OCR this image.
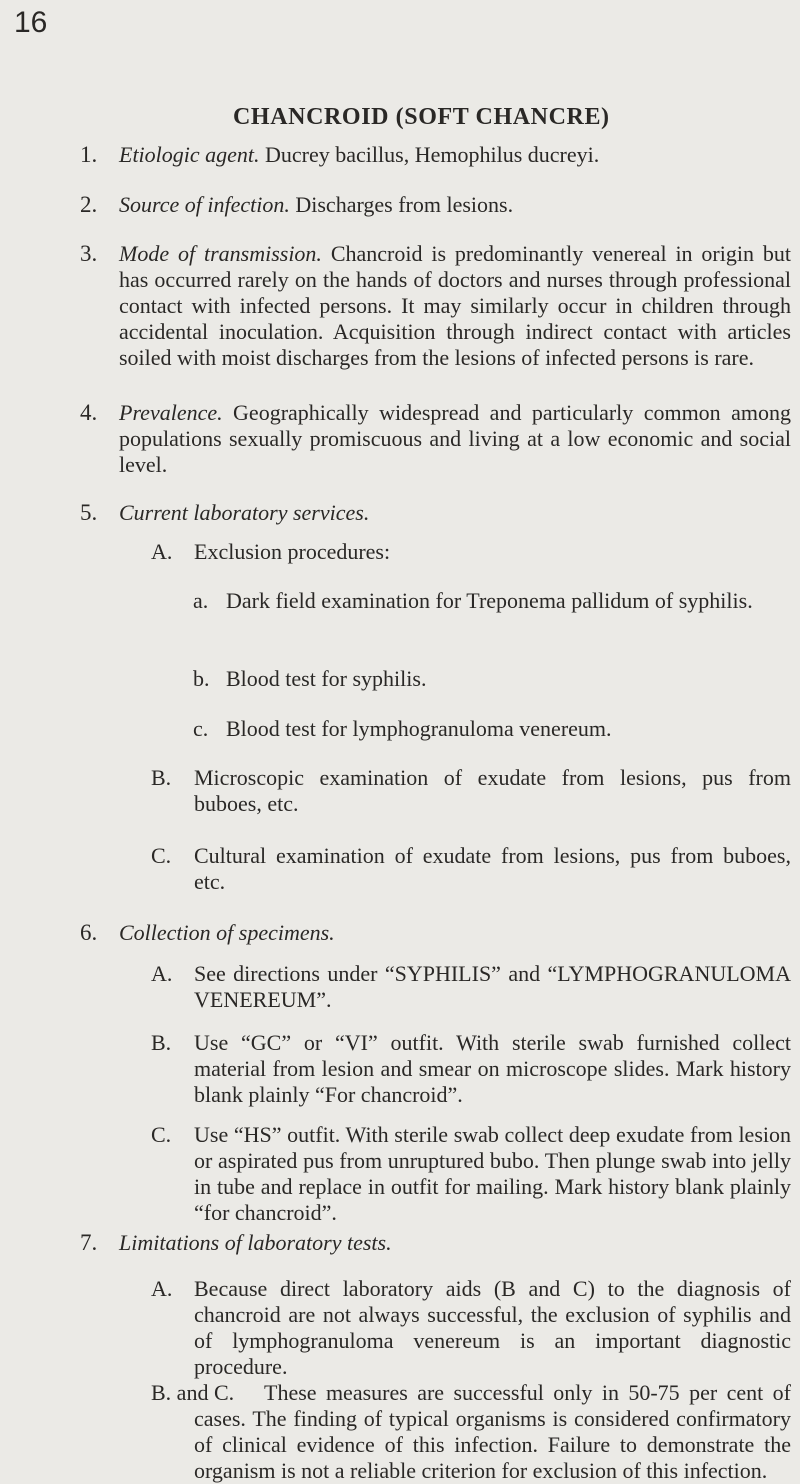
16
CHANCROID (SOFT CHANCRE)
1. Etiologic agent. Ducrey bacillus, Hemophilus ducreyi.
2. Source of infection. Discharges from lesions.
3. Mode of transmission. Chancroid is predominantly venereal in origin but has occurred rarely on the hands of doctors and nurses through professional contact with infected persons. It may similarly occur in children through accidental inoculation. Acquisition through indirect contact with articles soiled with moist discharges from the lesions of infected persons is rare.
4. Prevalence. Geographically widespread and particularly common among populations sexually promiscuous and living at a low economic and social level.
5. Current laboratory services.
A. Exclusion procedures:
a. Dark field examination for Treponema pallidum of syphilis.
b. Blood test for syphilis.
c. Blood test for lymphogranuloma venereum.
B.	Microscopic examination of exudate from lesions, pus from buboes, etc.
C.	Cultural examination of exudate from lesions, pus from buboes, etc.
6. Collection of specimens.
A. See directions under “SYPHILIS” and “LYMPHOGRANULOMA VENEREUM”.
B.	Use “GC” or “VI” outfit. With sterile swab furnished collect material from lesion and smear on microscope slides. Mark history blank plainly “For chancroid”.
C.	Use “HS” outfit. With sterile swab collect deep exudate from lesion or aspirated pus from unruptured bubo. Then plunge swab into jelly in tube and replace in outfit for mailing. Mark history blank plainly “for chancroid”.
7. Limitations of laboratory tests.
A. Because direct laboratory aids (B and C) to the diagnosis of chancroid are not always successful, the exclusion of syphilis and of lymphogranuloma venereum is an important diagnostic procedure.
B. and C.	These measures are successful only in 50-75 per cent of cases. The finding of typical organisms is considered confirmatory of clinical evidence of this infection. Failure to demonstrate the organism is not a reliable criterion for exclusion of this infection.
